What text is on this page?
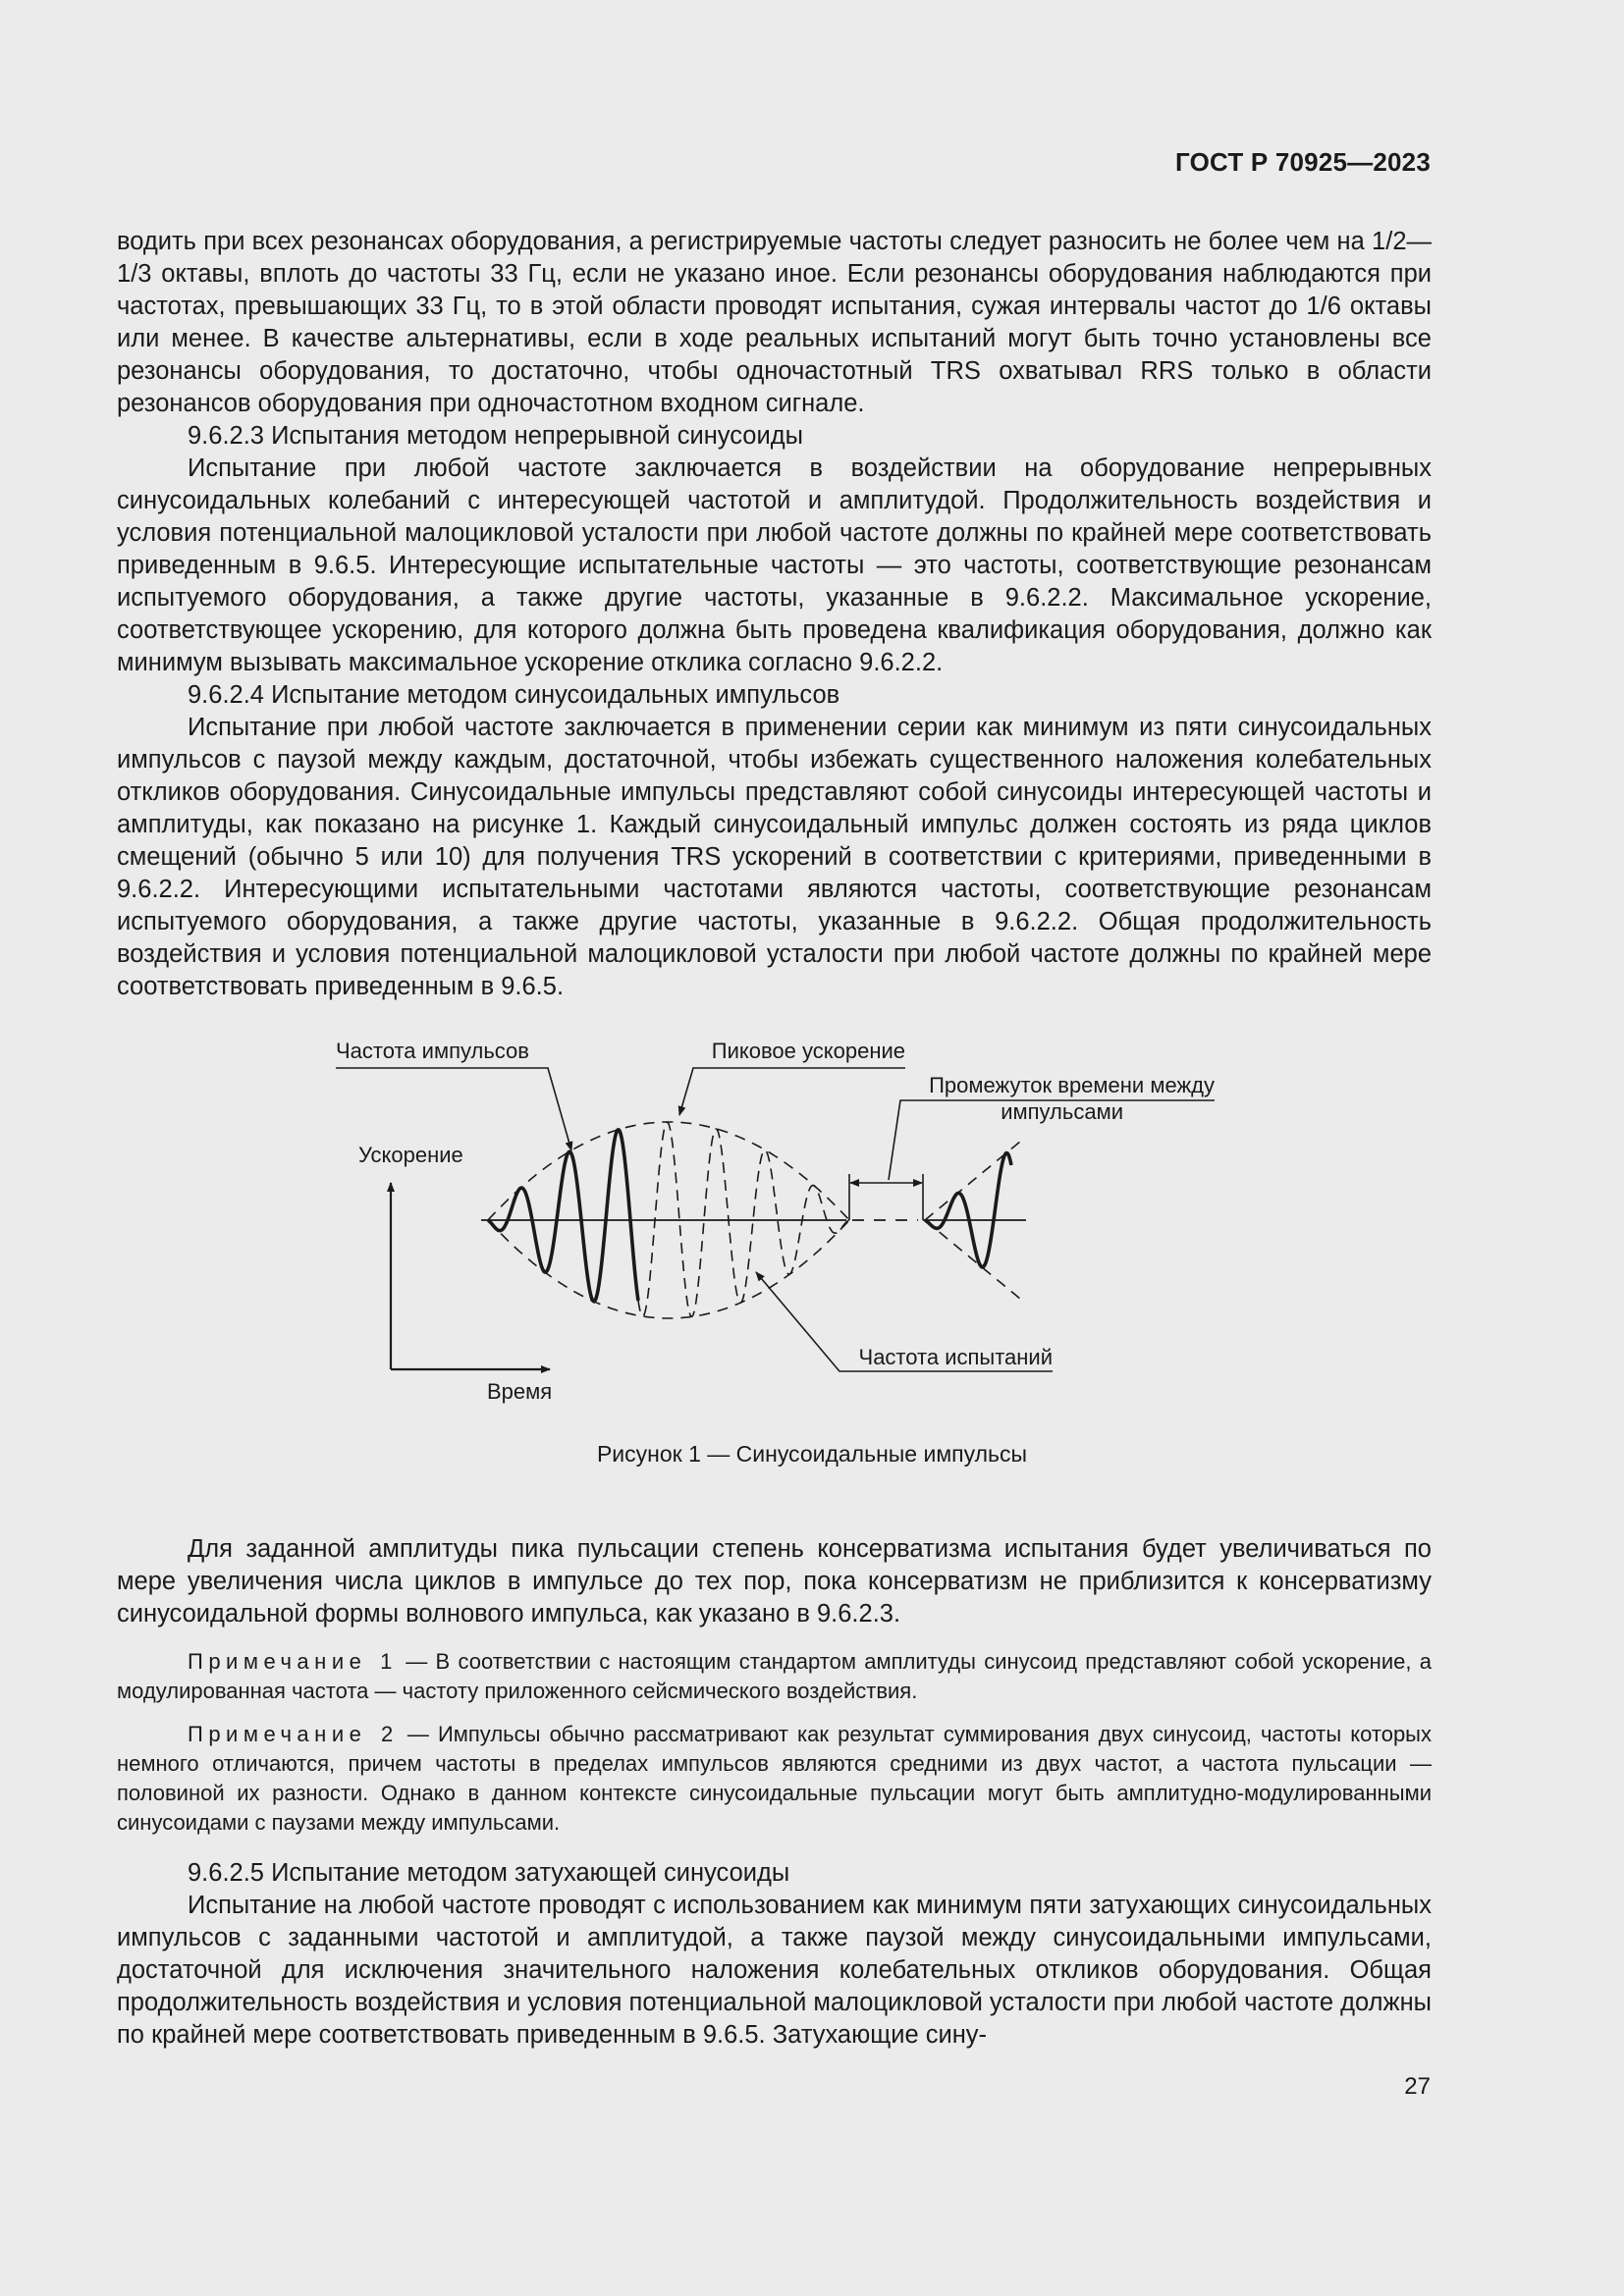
ГОСТ Р 70925—2023

водить при всех резонансах оборудования, а регистрируемые частоты следует разносить не более чем на 1/2—1/3 октавы, вплоть до частоты 33 Гц, если не указано иное. Если резонансы оборудования наблюдаются при частотах, превышающих 33 Гц, то в этой области проводят испытания, сужая интервалы частот до 1/6 октавы или менее. В качестве альтернативы, если в ходе реальных испытаний могут быть точно установлены все резонансы оборудования, то достаточно, чтобы одночастотный TRS охватывал RRS только в области резонансов оборудования при одночастотном входном сигнале.

9.6.2.3 Испытания методом непрерывной синусоиды

Испытание при любой частоте заключается в воздействии на оборудование непрерывных синусоидальных колебаний с интересующей частотой и амплитудой. Продолжительность воздействия и условия потенциальной малоцикловой усталости при любой частоте должны по крайней мере соответствовать приведенным в 9.6.5. Интересующие испытательные частоты — это частоты, соответствующие резонансам испытуемого оборудования, а также другие частоты, указанные в 9.6.2.2. Максимальное ускорение, соответствующее ускорению, для которого должна быть проведена квалификация оборудования, должно как минимум вызывать максимальное ускорение отклика согласно 9.6.2.2.

9.6.2.4 Испытание методом синусоидальных импульсов

Испытание при любой частоте заключается в применении серии как минимум из пяти синусоидальных импульсов с паузой между каждым, достаточной, чтобы избежать существенного наложения колебательных откликов оборудования. Синусоидальные импульсы представляют собой синусоиды интересующей частоты и амплитуды, как показано на рисунке 1. Каждый синусоидальный импульс должен состоять из ряда циклов смещений (обычно 5 или 10) для получения TRS ускорений в соответствии с критериями, приведенными в 9.6.2.2. Интересующими испытательными частотами являются частоты, соответствующие резонансам испытуемого оборудования, а также другие частоты, указанные в 9.6.2.2. Общая продолжительность воздействия и условия потенциальной малоцикловой усталости при любой частоте должны по крайней мере соответствовать приведенным в 9.6.5.

Частота импульсов	Пиковое ускорение
Промежуток времени между
импульсами
Ускорение
Частота испытаний
Время
Рисунок 1 — Синусоидальные импульсы

Для заданной амплитуды пика пульсации степень консерватизма испытания будет увеличиваться по мере увеличения числа циклов в импульсе до тех пор, пока консерватизм не приблизится к консерватизму синусоидальной формы волнового импульса, как указано в 9.6.2.3.

Примечание 1 — В соответствии с настоящим стандартом амплитуды синусоид представляют собой ускорение, а модулированная частота — частоту приложенного сейсмического воздействия.

Примечание 2 — Импульсы обычно рассматривают как результат суммирования двух синусоид, частоты которых немного отличаются, причем частоты в пределах импульсов являются средними из двух частот, а частота пульсации — половиной их разности. Однако в данном контексте синусоидальные пульсации могут быть амплитудно-модулированными синусоидами с паузами между импульсами.

9.6.2.5 Испытание методом затухающей синусоиды

Испытание на любой частоте проводят с использованием как минимум пяти затухающих синусоидальных импульсов с заданными частотой и амплитудой, а также паузой между синусоидальными импульсами, достаточной для исключения значительного наложения колебательных откликов оборудования. Общая продолжительность воздействия и условия потенциальной малоцикловой усталости при любой частоте должны по крайней мере соответствовать приведенным в 9.6.5. Затухающие сину-

27
